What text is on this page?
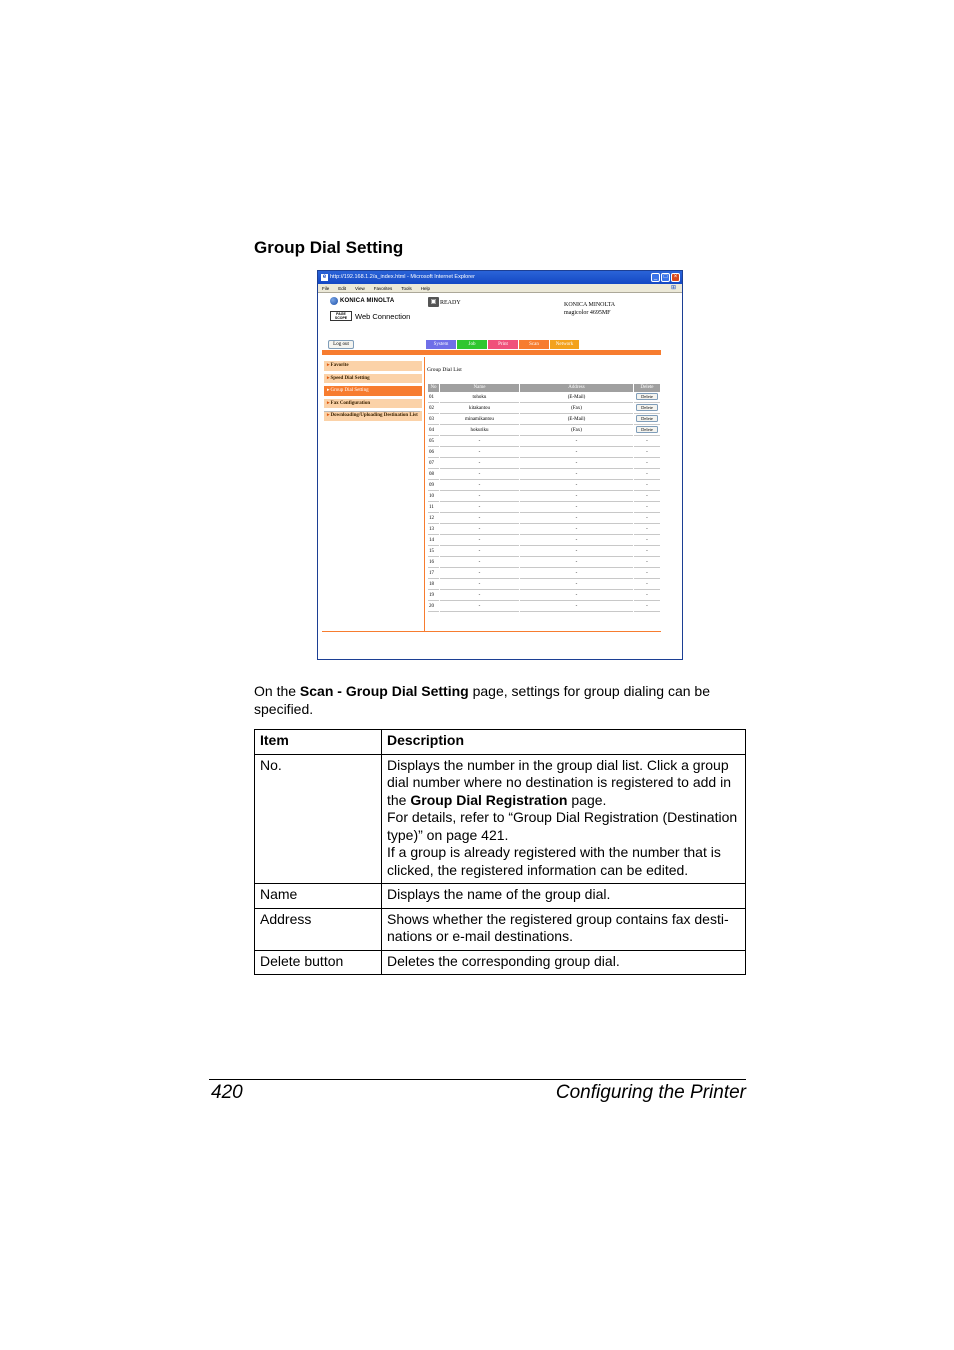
Group Dial Setting
e http://192.168.1.2/a_index.html - Microsoft Internet Explorer	_	□	×
File Edit View Favorites Tools Help	⊞
KONICA MINOLTA
PAGE SCOPE	Web Connection
▣ READY	KONICA MINOLTA
magicolor 4695MF
Log out	System	Job	Print	Scan	Network
▸Favorite
▸Speed Dial Setting
▸Group Dial Setting
▸Fax Configuration
▸Downloading/Uploading Destination List
Group Dial List
No	Name	Address	Delete
01	tohoku	(E-Mail)	Delete
02	kitakantou	(Fax)	Delete
03	minamikantou	(E-Mail)	Delete
04	hokuriku	(Fax)	Delete
05	-	-	-
06	-	-	-
07	-	-	-
08	-	-	-
09	-	-	-
10	-	-	-
11	-	-	-
12	-	-	-
13	-	-	-
14	-	-	-
15	-	-	-
16	-	-	-
17	-	-	-
18	-	-	-
19	-	-	-
20	-	-	-
On the Scan - Group Dial Setting page, settings for group dialing can be specified.
Item	Description
No.	Displays the number in the group dial list. Click a group dial number where no destination is registered to add in the Group Dial Registration page.
For details, refer to “Group Dial Registration (Destination type)” on page 421.
If a group is already registered with the number that is clicked, the registered information can be edited.

Name	Displays the name of the group dial.
Address	Shows whether the registered group contains fax desti-nations or e-mail destinations.
Delete button	Deletes the corresponding group dial.
420	Configuring the Printer
